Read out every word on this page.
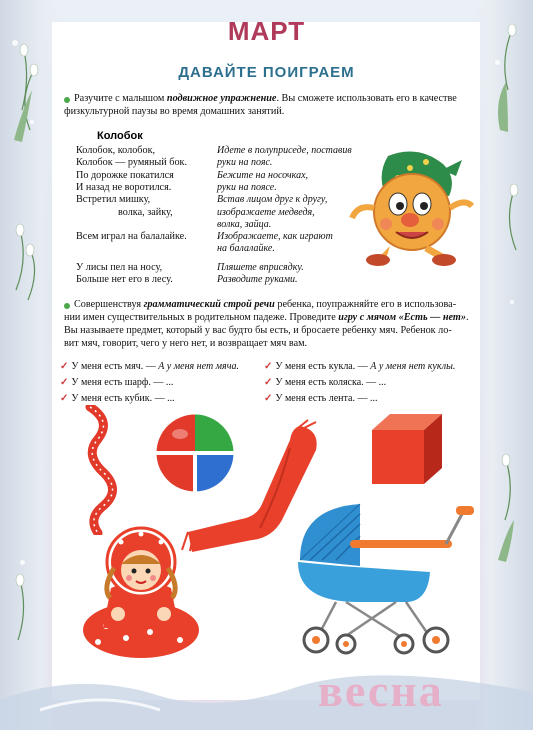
МАРТ
ДАВАЙТЕ ПОИГРАЕМ
Разучите с малышом подвижное упражнение. Вы сможете использовать его в качестве
физкультурной паузы во время домашних занятий.
Колобок
Колобок, колобок,	Идете в полуприседе, поставив
Колобок — румяный бок.	руки на пояс.
По дорожке покатился	Бежите на носочках,
И назад не воротился.	руки на поясе.
Встретил мишку,	Встав лицом друг к другу,
волка, зайку,	изображаете медведя,
волка, зайца.
Всем играл на балалайке.	Изображаете, как играют
на балалайке.
У лисы пел на носу,	Пляшете вприсядку.
Больше нет его в лесу.	Разводите руками.
Совершенствуя грамматический строй речи ребенка, поупражняйте его в использова-
нии имен существительных в родительном падеже. Проведите игру с мячом «Есть — нет».
Вы называете предмет, который у вас будто бы есть, и бросаете ребенку мяч. Ребенок ло-
вит мяч, говорит, чего у него нет, и возвращает мяч вам.
✓ У меня есть мяч. — А у меня нет мяча.
✓ У меня есть шарф. — ...
✓ У меня есть кубик. — ...
✓ У меня есть кукла. — А у меня нет куклы.
✓ У меня есть коляска. — ...
✓ У меня есть лента. — ...
весна
